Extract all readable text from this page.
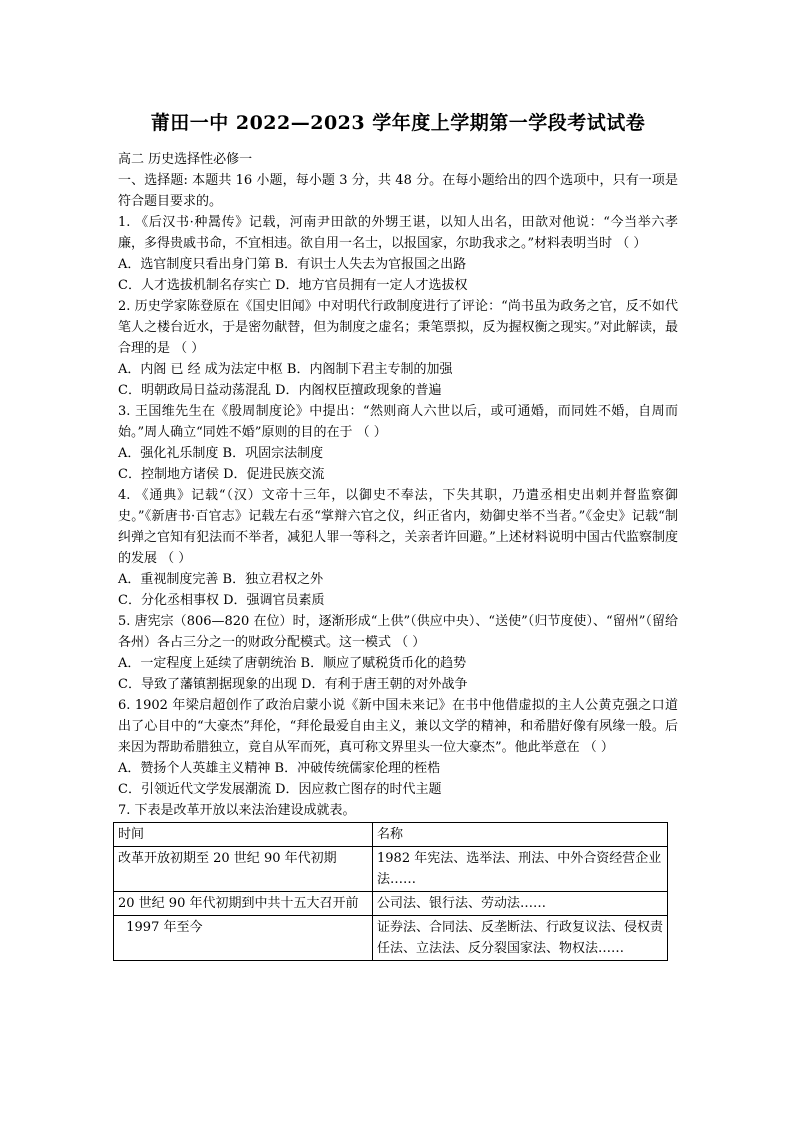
莆田一中 2022—2023 学年度上学期第一学段考试试卷

高二 历史选择性必修一

一、选择题: 本题共 16 小题，每小题 3 分，共 48 分。在每小题给出的四个选项中，只有一项是符合题目要求的。

1. 《后汉书·种暠传》记载，河南尹田歆的外甥王谌，以知人出名，田歆对他说：“今当举六孝廉，多得贵戚书命，不宜相违。欲自用一名士，以报国家，尔助我求之。”材料表明当时 （ ）

A．选官制度只看出身门第 B．有识士人失去为官报国之出路

C．人才选拔机制名存实亡 D．地方官员拥有一定人才选拔权

2. 历史学家陈登原在《国史旧闻》中对明代行政制度进行了评论：“尚书虽为政务之官，反不如代笔人之楼台近水，于是密勿献替，但为制度之虚名；秉笔票拟，反为握权衡之现实。”对此解读，最合理的是 （ ）

A．内阁 已 经 成为法定中枢 B．内阁制下君主专制的加强

C．明朝政局日益动荡混乱 D．内阁权臣擅政现象的普遍

3. 王国维先生在《殷周制度论》中提出：“然则商人六世以后，或可通婚，而同姓不婚，自周而始。”周人确立“同姓不婚”原则的目的在于 （ ）

A．强化礼乐制度 B．巩固宗法制度

C．控制地方诸侯 D．促进民族交流

4. 《通典》记载“（汉）文帝十三年，以御史不奉法，下失其职，乃遣丞相史出刺并督监察御史。”《新唐书·百官志》记载左右丞“掌辩六官之仪，纠正省内，劾御史举不当者。”《金史》记载“制纠弹之官知有犯法而不举者，减犯人罪一等科之，关亲者许回避。”上述材料说明中国古代监察制度的发展 （ ）

A．重视制度完善 B．独立君权之外

C．分化丞相事权 D．强调官员素质

5. 唐宪宗（806—820 在位）时，逐渐形成“上供”（供应中央）、“送使”（归节度使）、“留州”（留给各州）各占三分之一的财政分配模式。这一模式 （ ）

A．一定程度上延续了唐朝统治 B．顺应了赋税货币化的趋势

C．导致了藩镇割据现象的出现 D．有利于唐王朝的对外战争

6. 1902 年梁启超创作了政治启蒙小说《新中国未来记》在书中他借虚拟的主人公黄克强之口道出了心目中的“大豪杰”拜伦，“拜伦最爱自由主义，兼以文学的精神，和希腊好像有夙缘一般。后来因为帮助希腊独立，竟自从军而死，真可称文界里头一位大豪杰”。他此举意在 （ ）

A．赞扬个人英雄主义精神 B．冲破传统儒家伦理的桎梏

C．引领近代文学发展潮流 D．因应救亡图存的时代主题

7. 下表是改革开放以来法治建设成就表。

时间	名称
改革开放初期至 20 世纪 90 年代初期	1982 年宪法、选举法、刑法、中外合资经营企业法……
20 世纪 90 年代初期到中共十五大召开前	公司法、银行法、劳动法……
1997 年至今	证券法、合同法、反垄断法、行政复议法、侵权责任法、立法法、反分裂国家法、物权法……
